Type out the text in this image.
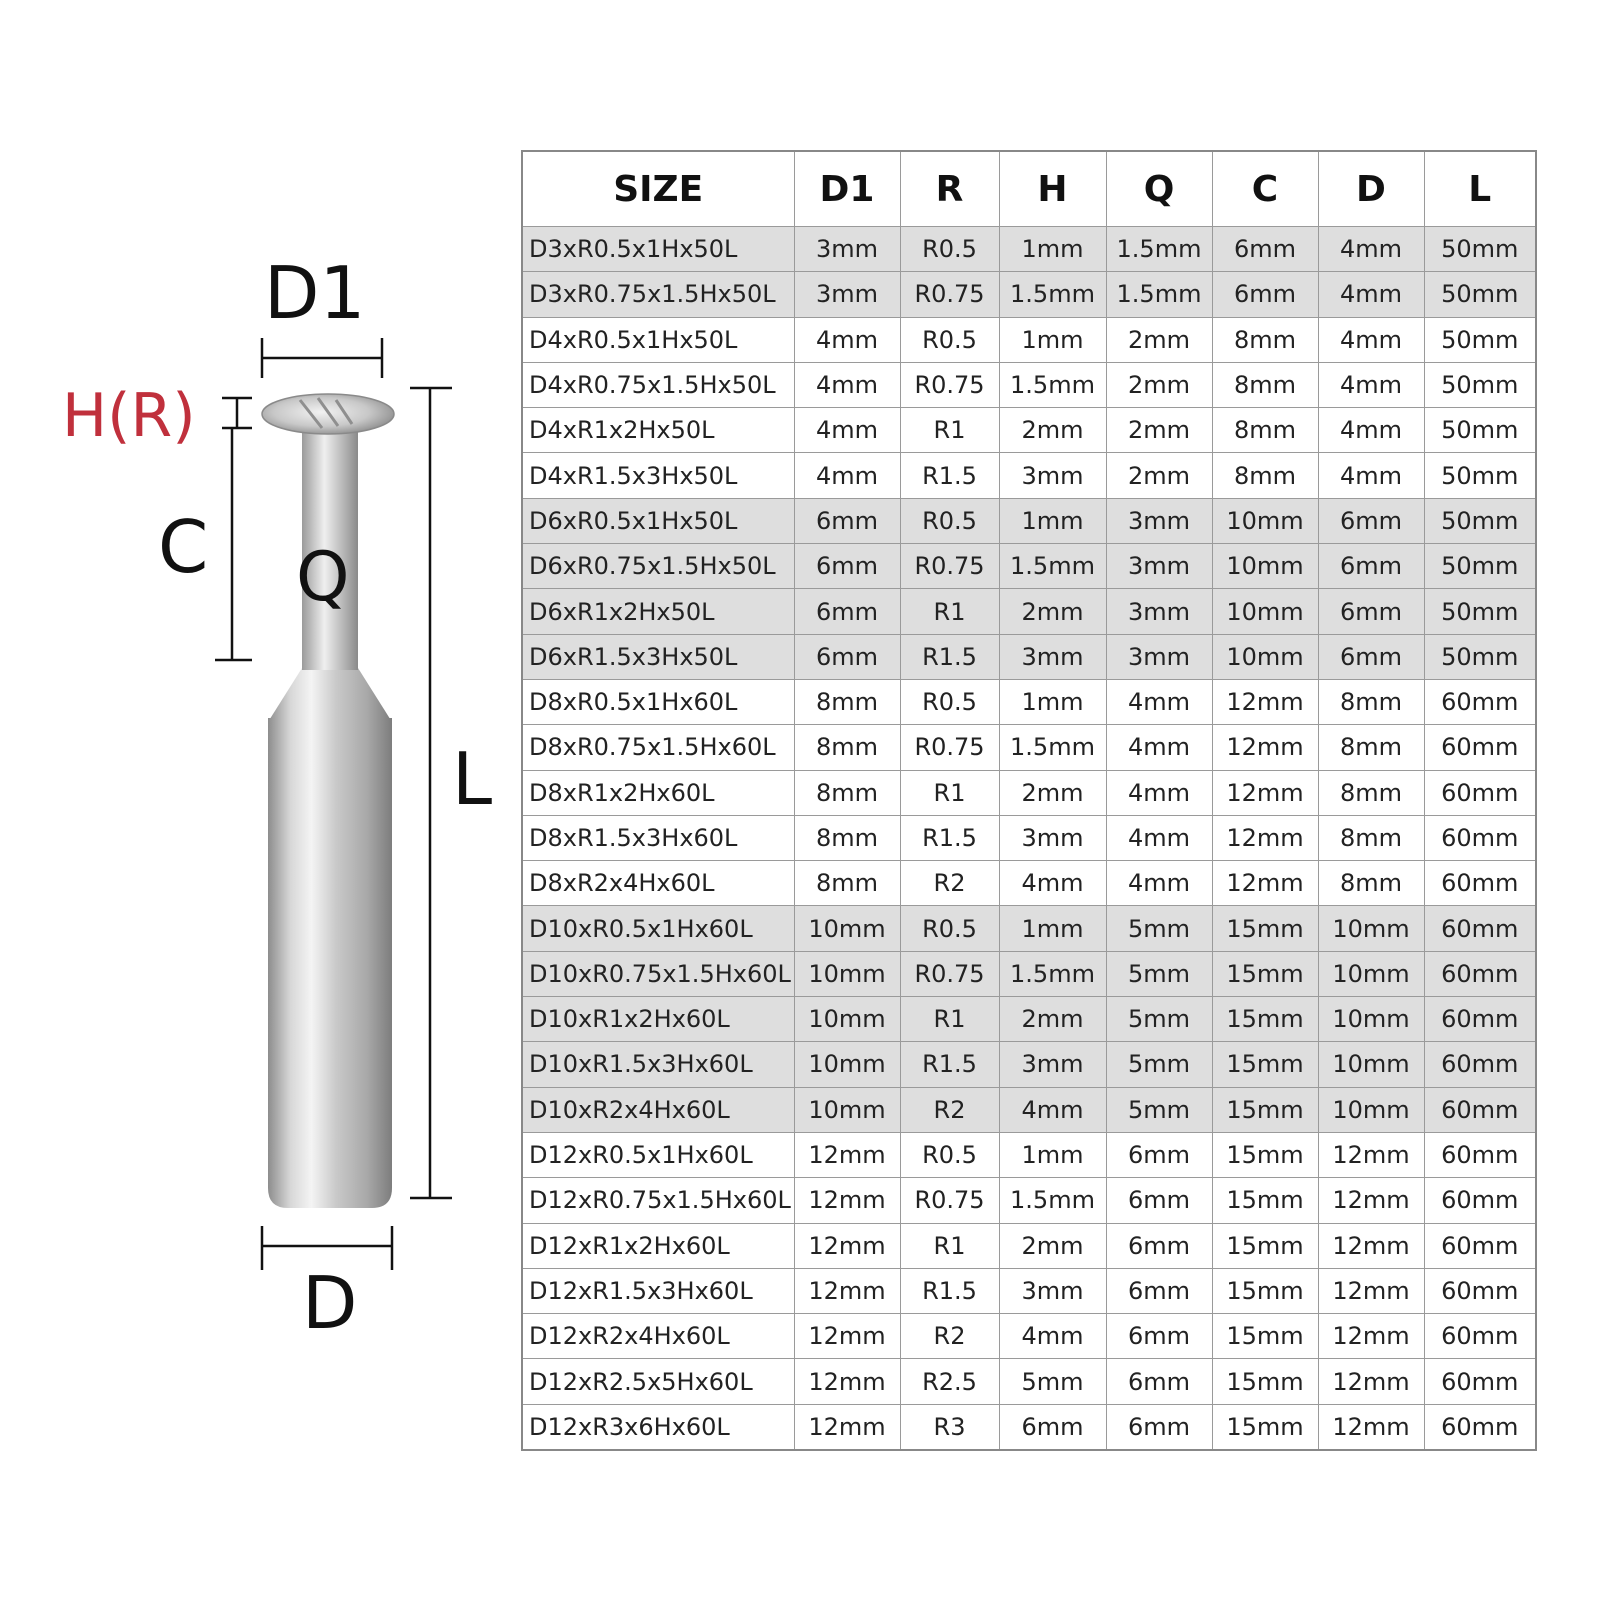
D1
H(R)
C Q
L
D
SIZE	D1	R	H	Q	C	D	L
D3xR0.5x1Hx50L	3mm	R0.5	1mm	1.5mm	6mm	4mm	50mm
D3xR0.75x1.5Hx50L	3mm	R0.75	1.5mm	1.5mm	6mm	4mm	50mm
D4xR0.5x1Hx50L	4mm	R0.5	1mm	2mm	8mm	4mm	50mm
D4xR0.75x1.5Hx50L	4mm	R0.75	1.5mm	2mm	8mm	4mm	50mm
D4xR1x2Hx50L	4mm	R1	2mm	2mm	8mm	4mm	50mm
D4xR1.5x3Hx50L	4mm	R1.5	3mm	2mm	8mm	4mm	50mm
D6xR0.5x1Hx50L	6mm	R0.5	1mm	3mm	10mm	6mm	50mm
D6xR0.75x1.5Hx50L	6mm	R0.75	1.5mm	3mm	10mm	6mm	50mm
D6xR1x2Hx50L	6mm	R1	2mm	3mm	10mm	6mm	50mm
D6xR1.5x3Hx50L	6mm	R1.5	3mm	3mm	10mm	6mm	50mm
D8xR0.5x1Hx60L	8mm	R0.5	1mm	4mm	12mm	8mm	60mm
D8xR0.75x1.5Hx60L	8mm	R0.75	1.5mm	4mm	12mm	8mm	60mm
D8xR1x2Hx60L	8mm	R1	2mm	4mm	12mm	8mm	60mm
D8xR1.5x3Hx60L	8mm	R1.5	3mm	4mm	12mm	8mm	60mm
D8xR2x4Hx60L	8mm	R2	4mm	4mm	12mm	8mm	60mm
D10xR0.5x1Hx60L	10mm	R0.5	1mm	5mm	15mm	10mm	60mm
D10xR0.75x1.5Hx60L	10mm	R0.75	1.5mm	5mm	15mm	10mm	60mm
D10xR1x2Hx60L	10mm	R1	2mm	5mm	15mm	10mm	60mm
D10xR1.5x3Hx60L	10mm	R1.5	3mm	5mm	15mm	10mm	60mm
D10xR2x4Hx60L	10mm	R2	4mm	5mm	15mm	10mm	60mm
D12xR0.5x1Hx60L	12mm	R0.5	1mm	6mm	15mm	12mm	60mm
D12xR0.75x1.5Hx60L	12mm	R0.75	1.5mm	6mm	15mm	12mm	60mm
D12xR1x2Hx60L	12mm	R1	2mm	6mm	15mm	12mm	60mm
D12xR1.5x3Hx60L	12mm	R1.5	3mm	6mm	15mm	12mm	60mm
D12xR2x4Hx60L	12mm	R2	4mm	6mm	15mm	12mm	60mm
D12xR2.5x5Hx60L	12mm	R2.5	5mm	6mm	15mm	12mm	60mm
D12xR3x6Hx60L	12mm	R3	6mm	6mm	15mm	12mm	60mm
